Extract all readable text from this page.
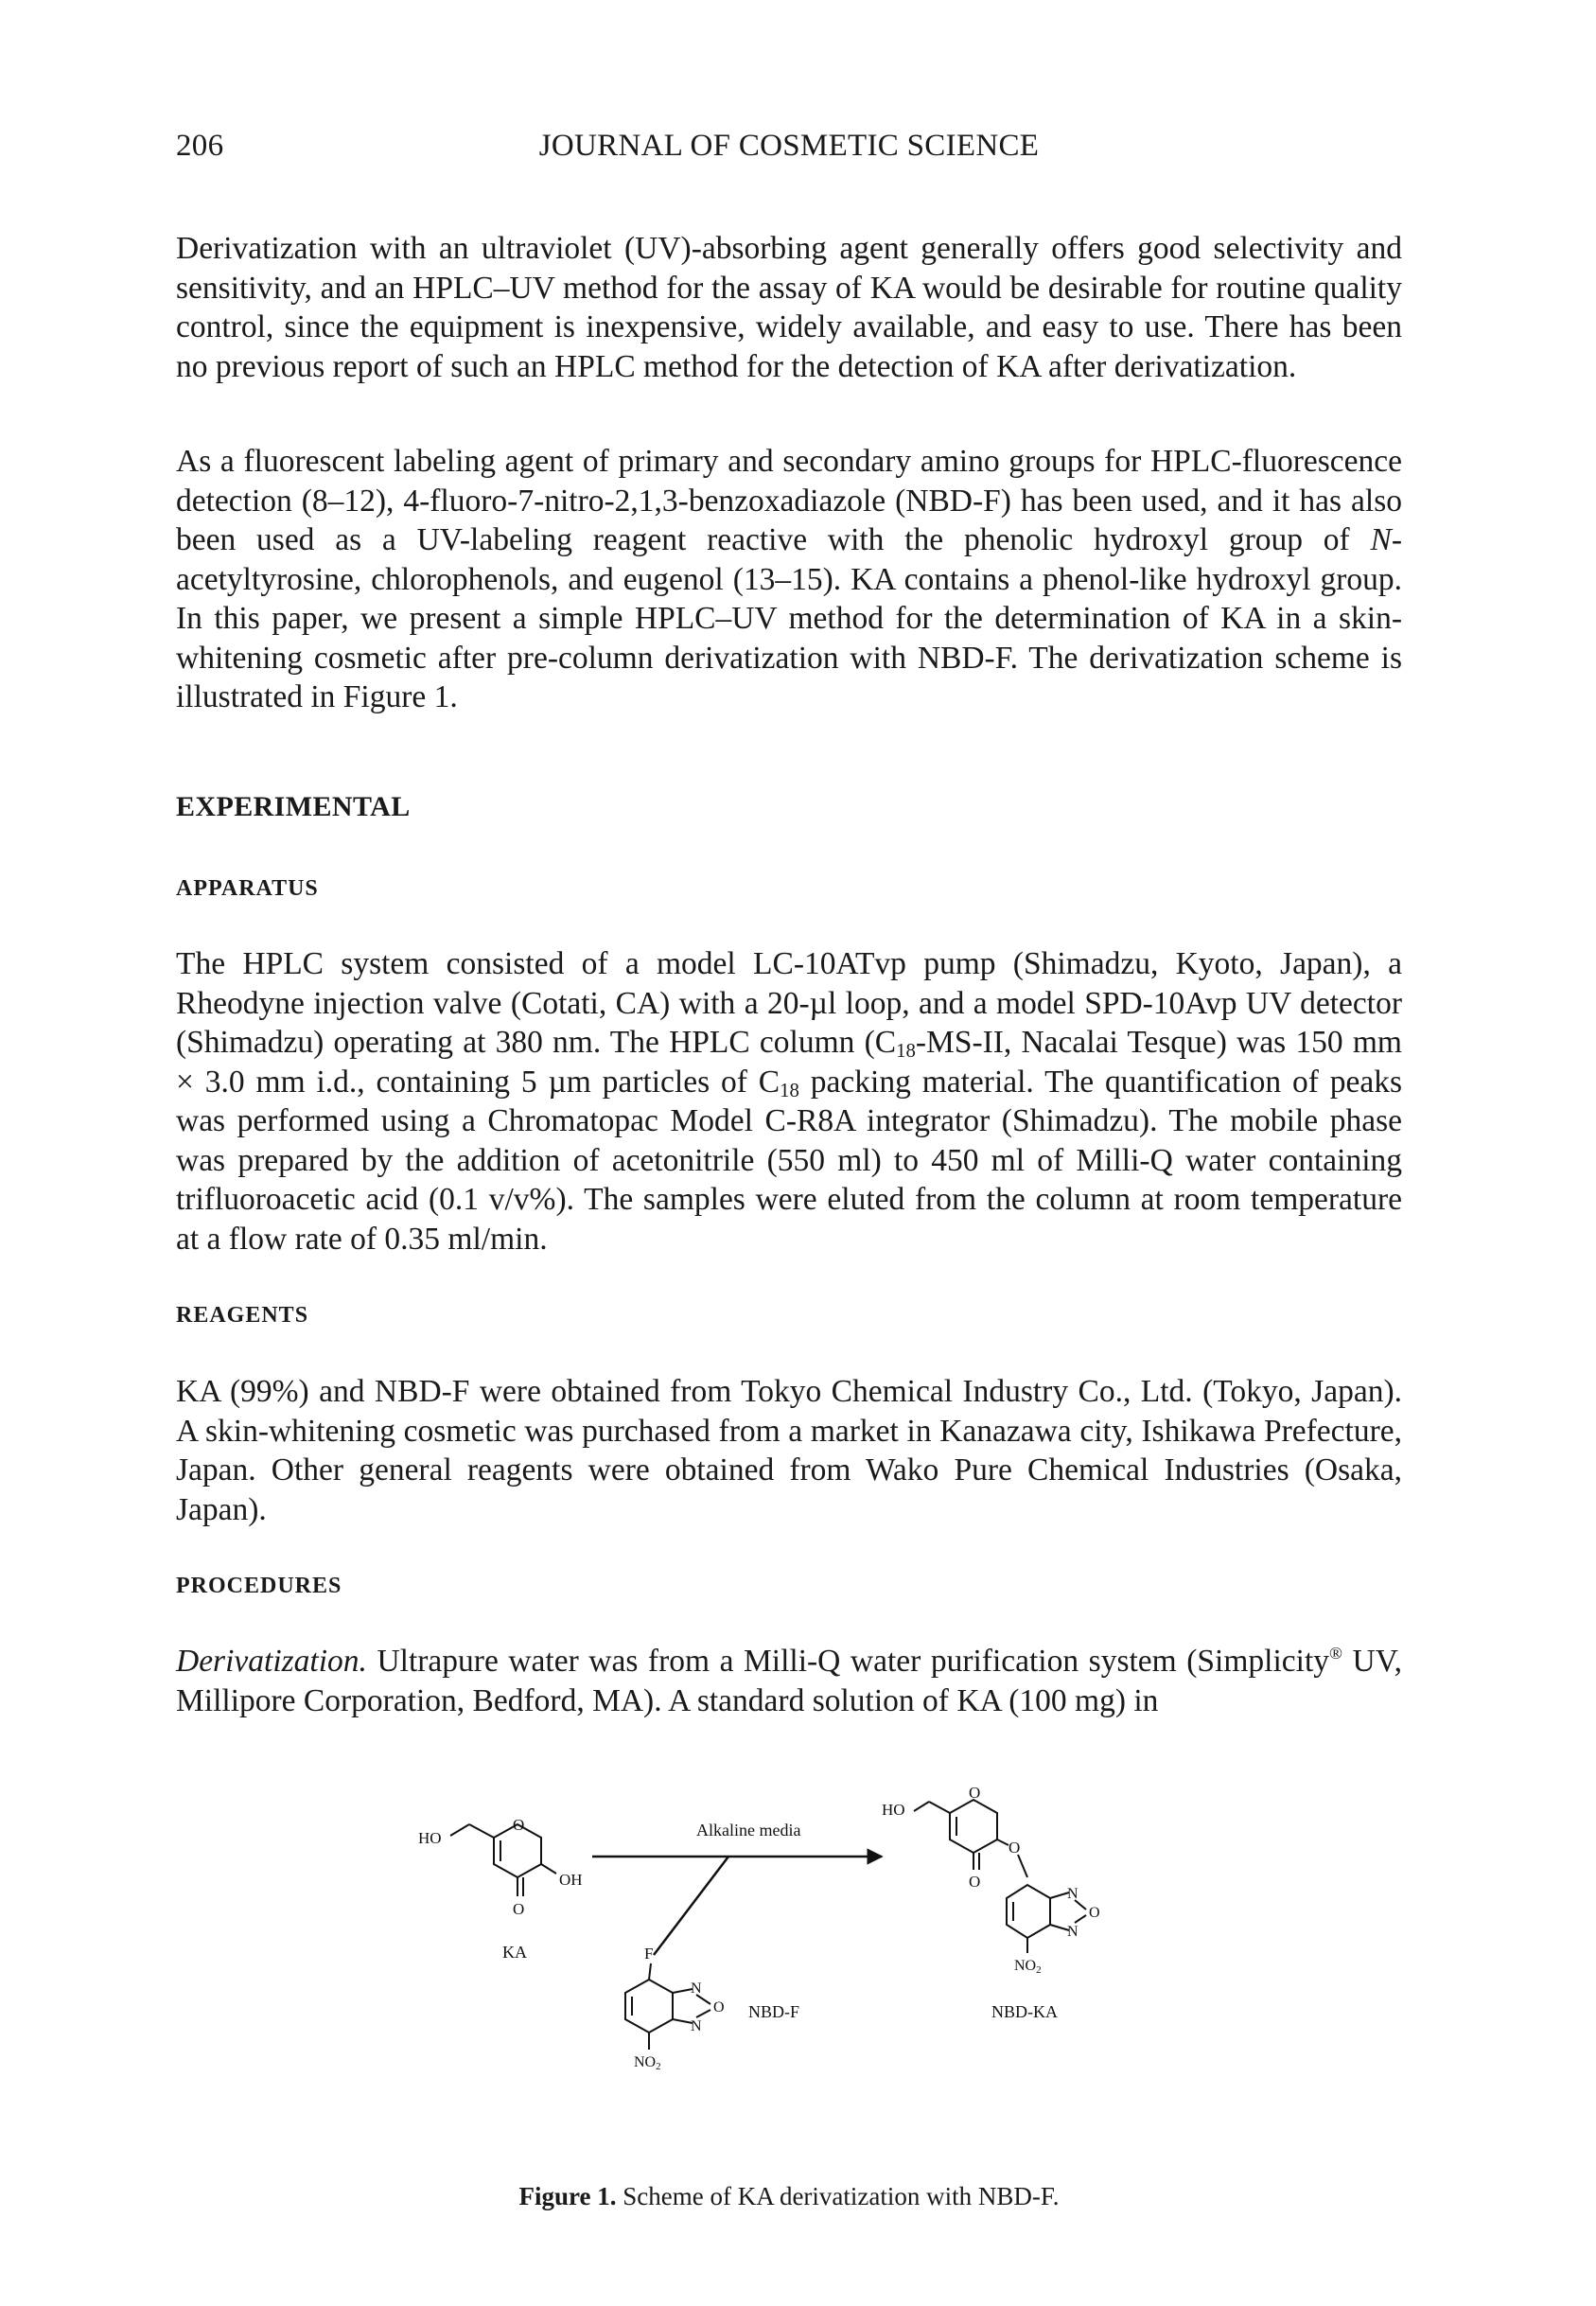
206	JOURNAL OF COSMETIC SCIENCE

Derivatization with an ultraviolet (UV)-absorbing agent generally offers good selectivity and sensitivity, and an HPLC–UV method for the assay of KA would be desirable for routine quality control, since the equipment is inexpensive, widely available, and easy to use. There has been no previous report of such an HPLC method for the detection of KA after derivatization.

As a fluorescent labeling agent of primary and secondary amino groups for HPLC-fluorescence detection (8–12), 4-fluoro-7-nitro-2,1,3-benzoxadiazole (NBD-F) has been used, and it has also been used as a UV-labeling reagent reactive with the phenolic hydroxyl group of N-acetyltyrosine, chlorophenols, and eugenol (13–15). KA contains a phenol-like hydroxyl group. In this paper, we present a simple HPLC–UV method for the determination of KA in a skin-whitening cosmetic after pre-column derivatization with NBD-F. The derivatization scheme is illustrated in Figure 1.

EXPERIMENTAL
APPARATUS

The HPLC system consisted of a model LC-10ATvp pump (Shimadzu, Kyoto, Japan), a Rheodyne injection valve (Cotati, CA) with a 20-µl loop, and a model SPD-10Avp UV detector (Shimadzu) operating at 380 nm. The HPLC column ($C_{18}-MS-II$, Nacalai Tesque) was 150 mm × 3.0 mm i.d., containing 5 µm particles of $C_{18}$ packing material. The quantification of peaks was performed using a Chromatopac Model C-R8A integrator (Shimadzu). The mobile phase was prepared by the addition of acetonitrile (550 ml) to 450 ml of Milli-Q water containing trifluoroacetic acid (0.1 v/v%). The samples were eluted from the column at room temperature at a flow rate of 0.35 ml/min.

REAGENTS

KA (99%) and NBD-F were obtained from Tokyo Chemical Industry Co., Ltd. (Tokyo, Japan). A skin-whitening cosmetic was purchased from a market in Kanazawa city, Ishikawa Prefecture, Japan. Other general reagents were obtained from Wako Pure Chemical Industries (Osaka, Japan).

PROCEDURES

Derivatization. Ultrapure water was from a Milli-Q water purification system (Simplicity® UV, Millipore Corporation, Bedford, MA). A standard solution of KA (100 mg) in

HO
OH
O
O
KA
Alkaline media
F
N
O
N
NO2
NBD-F
HO
O
O
O
N
O
N
NO2
NBD-KA
Figure 1. Scheme of KA derivatization with NBD-F.
